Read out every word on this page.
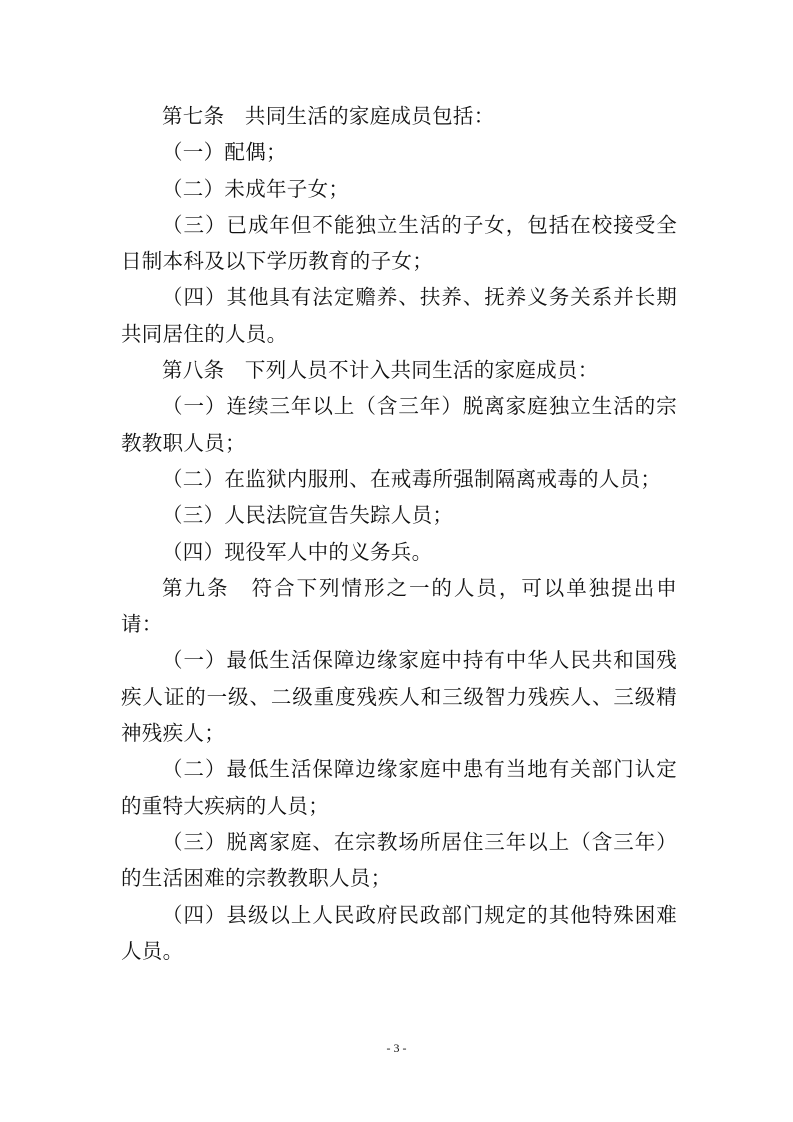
第七条 共同生活的家庭成员包括：

（一）配偶；

（二）未成年子女；

（三）已成年但不能独立生活的子女，包括在校接受全日制本科及以下学历教育的子女；

（四）其他具有法定赡养、扶养、抚养义务关系并长期共同居住的人员。

第八条 下列人员不计入共同生活的家庭成员：

（一）连续三年以上（含三年）脱离家庭独立生活的宗教教职人员；

（二）在监狱内服刑、在戒毒所强制隔离戒毒的人员；

（三）人民法院宣告失踪人员；

（四）现役军人中的义务兵。

第九条 符合下列情形之一的人员，可以单独提出申请：

（一）最低生活保障边缘家庭中持有中华人民共和国残疾人证的一级、二级重度残疾人和三级智力残疾人、三级精神残疾人；

（二）最低生活保障边缘家庭中患有当地有关部门认定的重特大疾病的人员；

（三）脱离家庭、在宗教场所居住三年以上（含三年）的生活困难的宗教教职人员；

（四）县级以上人民政府民政部门规定的其他特殊困难人员。

- 3 -
